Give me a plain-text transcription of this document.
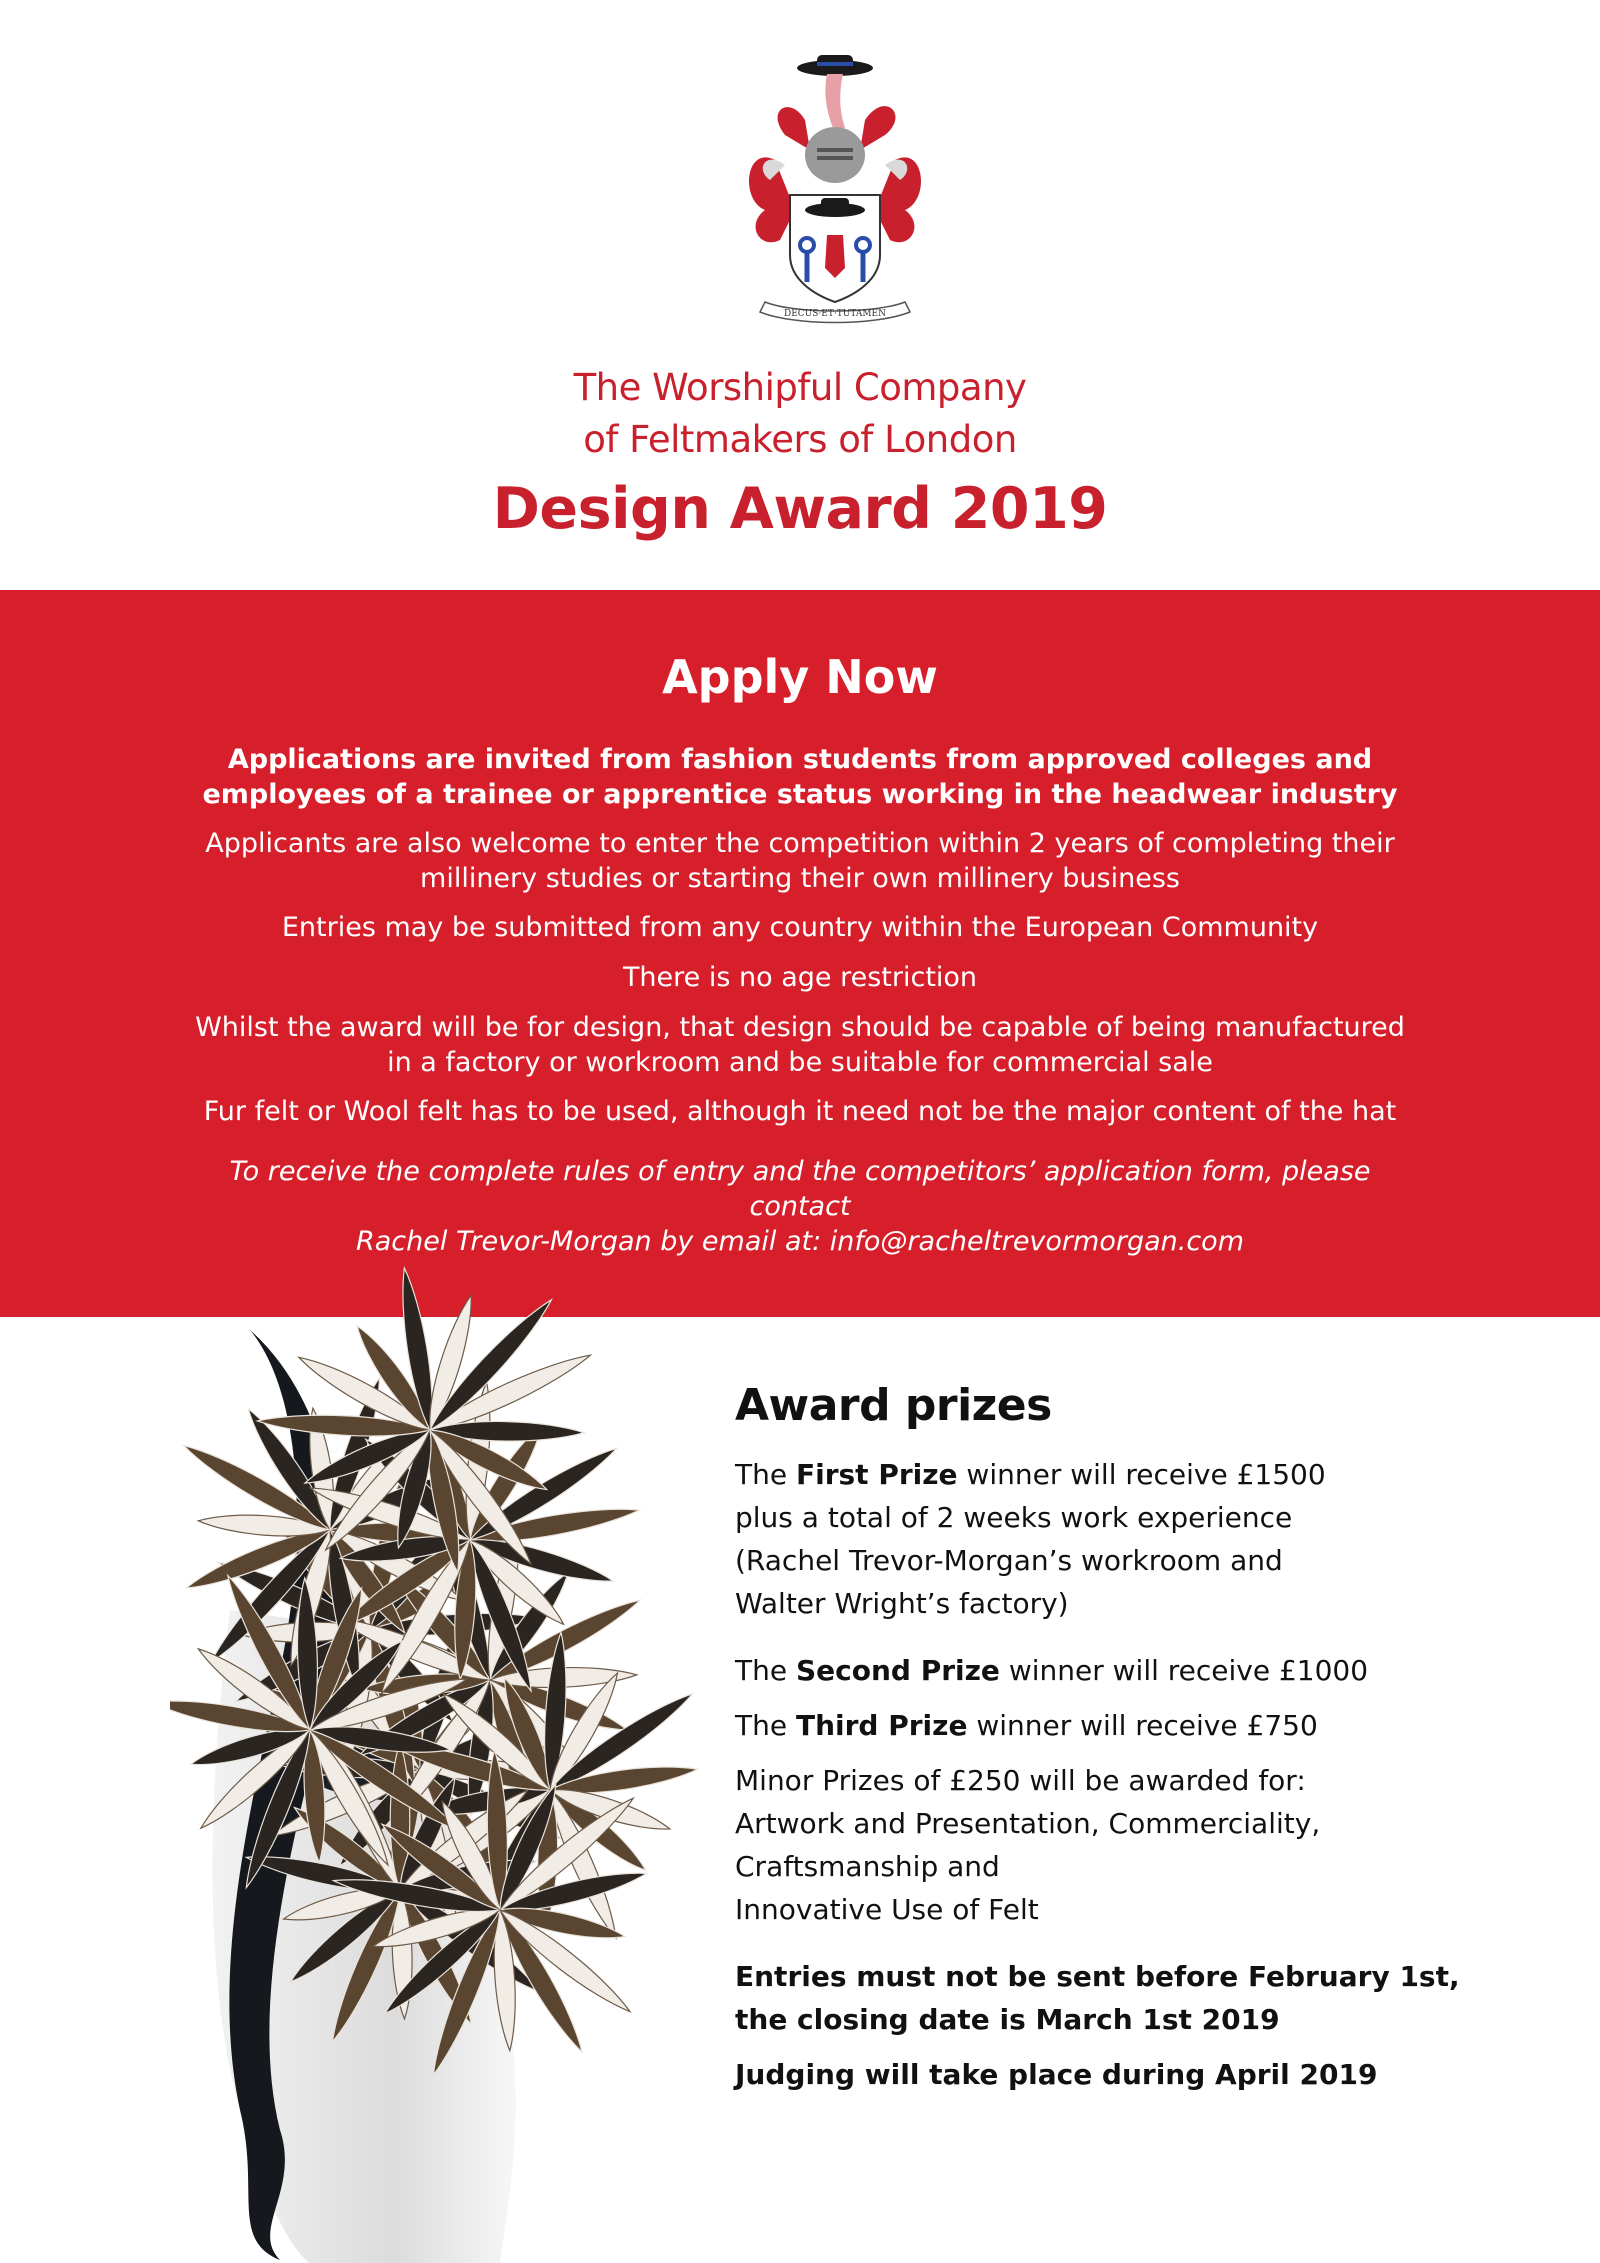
DECUS·ET·TUTAMEN
The Worshipful Company
of Feltmakers of London
Design Award 2019
Apply Now
Applications are invited from fashion students from approved colleges and employees of a trainee or apprentice status working in the headwear industry
Applicants are also welcome to enter the competition within 2 years of completing their millinery studies or starting their own millinery business
Entries may be submitted from any country within the European Community
There is no age restriction
Whilst the award will be for design, that design should be capable of being manufactured in a factory or workroom and be suitable for commercial sale
Fur felt or Wool felt has to be used, although it need not be the major content of the hat
To receive the complete rules of entry and the competitors’ application form, please contact
Rachel Trevor-Morgan by email at: info@racheltrevormorgan.com
Award prizes
The First Prize winner will receive £1500
plus a total of 2 weeks work experience
(Rachel Trevor-Morgan’s workroom and
Walter Wright’s factory)
The Second Prize winner will receive £1000
The Third Prize winner will receive £750
Minor Prizes of £250 will be awarded for:
Artwork and Presentation, Commerciality,
Craftsmanship and
Innovative Use of Felt
Entries must not be sent before February 1st,
the closing date is March 1st 2019
Judging will take place during April 2019
